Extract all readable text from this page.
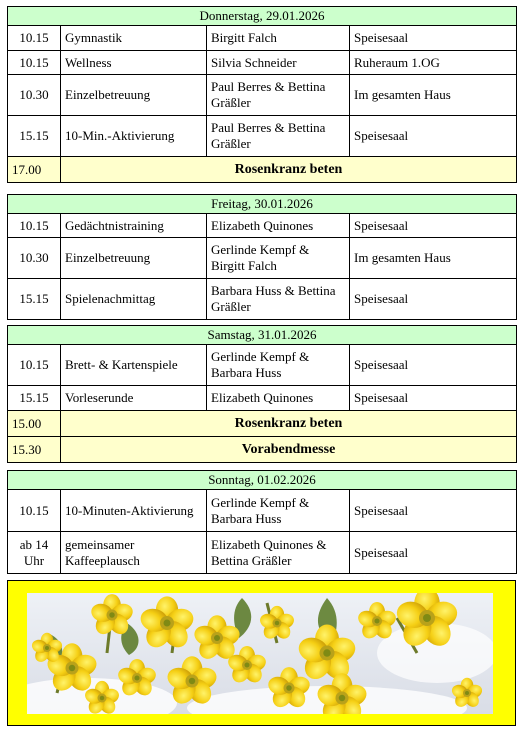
Donnerstag, 29.01.2026			
10.15	Gymnastik	Birgitt Falch	Speisesaal
10.15	Wellness	Silvia Schneider	Ruheraum 1.OG
10.30	Einzelbetreuung	Paul Berres & Bettina Gräßler	Im gesamten Haus
15.15	10-Min.-Aktivierung	Paul Berres & Bettina Gräßler	Speisesaal
17.00	Rosenkranz beten		
Freitag, 30.01.2026			
10.15	Gedächtnistraining	Elizabeth Quinones	Speisesaal
10.30	Einzelbetreuung	Gerlinde Kempf & Birgitt Falch	Im gesamten Haus
15.15	Spielenachmittag	Barbara Huss & Bettina Gräßler	Speisesaal
Samstag, 31.01.2026			
10.15	Brett- & Kartenspiele	Gerlinde Kempf & Barbara Huss	Speisesaal
15.15	Vorleserunde	Elizabeth Quinones	Speisesaal
15.00	Rosenkranz beten		
15.30	Vorabendmesse		
Sonntag, 01.02.2026			
10.15	10-Minuten-Aktivierung	Gerlinde Kempf & Barbara Huss	Speisesaal
ab 14 Uhr	gemeinsamer Kaffeeplausch	Elizabeth Quinones & Bettina Gräßler	Speisesaal
